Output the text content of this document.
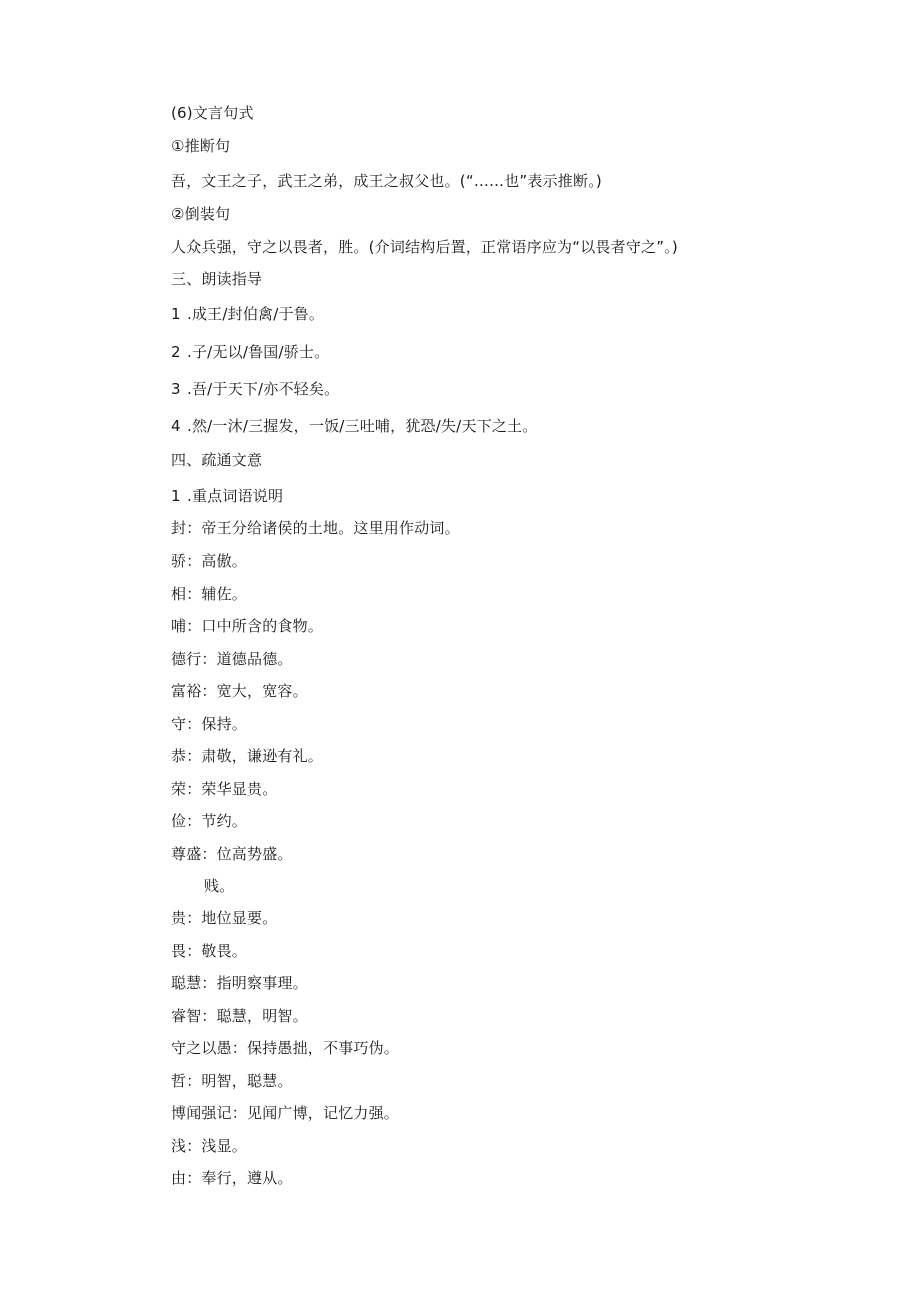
(6)文言句式
①推断句
吾，文王之子，武王之弟，成王之叔父也。(“……也”表示推断。)
②倒装句
人众兵强，守之以畏者，胜。(介词结构后置，正常语序应为“以畏者守之”。)
三、朗读指导
1 .成王/封伯禽/于鲁。
2 .子/无以/鲁国/骄士。
3 .吾/于天下/亦不轻矣。
4 .然/一沐/三握发，一饭/三吐哺，犹恐/失/天下之土。
四、疏通文意
1 .重点词语说明
封：帝王分给诸侯的土地。这里用作动词。
骄：高傲。
相：辅佐。
哺：口中所含的食物。
德行：道德品德。
富裕：宽大，宽容。
守：保持。
恭：肃敬，谦逊有礼。
荣：荣华显贵。
俭：节约。
尊盛：位高势盛。
贱。
贵：地位显要。
畏：敬畏。
聪慧：指明察事理。
睿智：聪慧，明智。
守之以愚：保持愚拙，不事巧伪。
哲：明智，聪慧。
博闻强记：见闻广博，记忆力强。
浅：浅显。
由：奉行，遵从。
